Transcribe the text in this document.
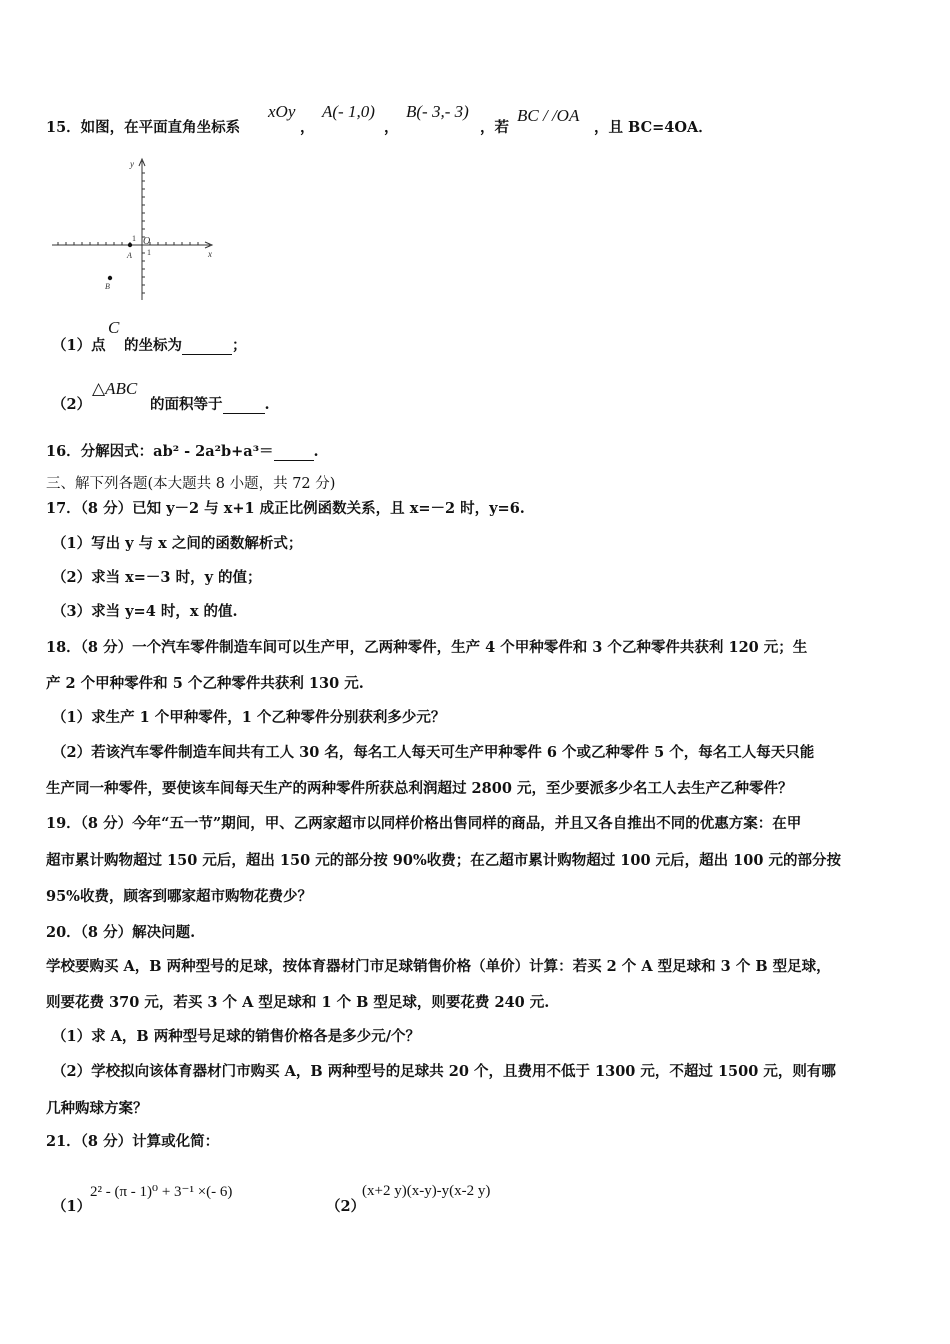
15．如图，在平面直角坐标系
xOy
，
A(- 1,0)
，
B(- 3,- 3)
，若
BC / /OA
，且 BC=4OA．
y
x
O
A
B
1
1
（1）点
C
的坐标为	；
（2）
△ABC
的面积等于	.
16．分解因式：ab² - 2a²b+a³＝	.
三、解下列各题(本大题共 8 小题，共 72 分)
17．（8 分）已知 y－2 与 x+1 成正比例函数关系，且 x=－2 时，y=6.
（1）写出 y 与 x 之间的函数解析式；
（2）求当 x=－3 时，y 的值；
（3）求当 y=4 时，x 的值.
18．（8 分）一个汽车零件制造车间可以生产甲，乙两种零件，生产 4 个甲种零件和 3 个乙种零件共获利 120 元；生
产 2 个甲种零件和 5 个乙种零件共获利 130 元.
（1）求生产 1 个甲种零件，1 个乙种零件分别获利多少元？
（2）若该汽车零件制造车间共有工人 30 名，每名工人每天可生产甲种零件 6 个或乙种零件 5 个，每名工人每天只能
生产同一种零件，要使该车间每天生产的两种零件所获总利润超过 2800 元，至少要派多少名工人去生产乙种零件？
19．（8 分）今年“五一节”期间，甲、乙两家超市以同样价格出售同样的商品，并且又各自推出不同的优惠方案：在甲
超市累计购物超过 150 元后，超出 150 元的部分按 90%收费；在乙超市累计购物超过 100 元后，超出 100 元的部分按
95%收费，顾客到哪家超市购物花费少？
20．（8 分）解决问题.
学校要购买 A，B 两种型号的足球，按体育器材门市足球销售价格（单价）计算：若买 2 个 A 型足球和 3 个 B 型足球，
则要花费 370 元，若买 3 个 A 型足球和 1 个 B 型足球，则要花费 240 元.
（1）求 A，B 两种型号足球的销售价格各是多少元/个？
（2）学校拟向该体育器材门市购买 A，B 两种型号的足球共 20 个，且费用不低于 1300 元，不超过 1500 元，则有哪
几种购球方案？
21．（8 分）计算或化简：
（1）
2² - (π - 1)⁰ + 3⁻¹ ×(- 6)
（2）
(x+2 y)(x-y)-y(x-2 y)
